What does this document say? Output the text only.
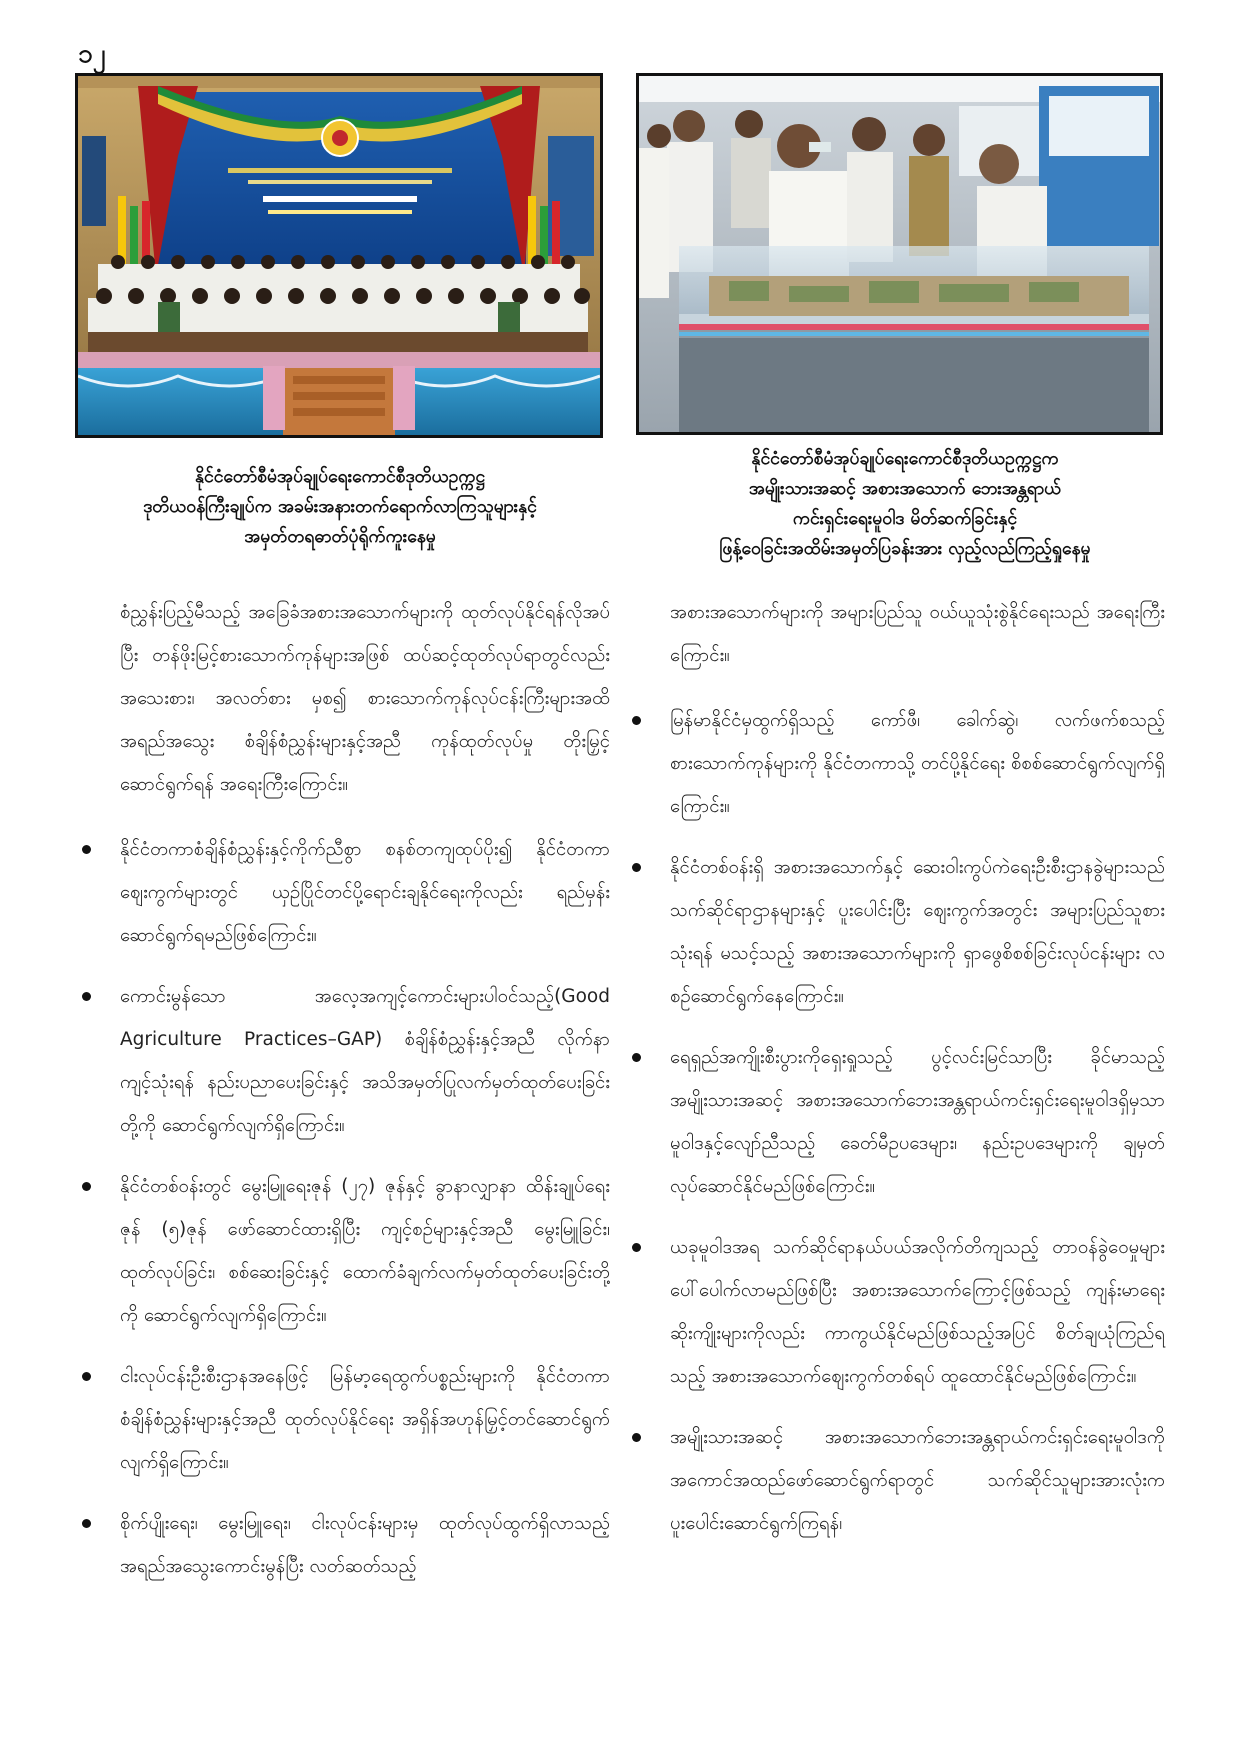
၁၂
နိုင်ငံတော်စီမံအုပ်ချုပ်ရေးကောင်စီဒုတိယဥက္ကဋ္ဌ
ဒုတိယဝန်ကြီးချုပ်က အခမ်းအနားတက်ရောက်လာကြသူများနှင့်
အမှတ်တရဓာတ်ပုံရိုက်ကူးနေမှု
နိုင်ငံတော်စီမံအုပ်ချုပ်ရေးကောင်စီဒုတိယဥက္ကဋ္ဌက
အမျိုးသားအဆင့် အစားအသောက် ဘေးအန္တရာယ်
ကင်းရှင်းရေးမူဝါဒ မိတ်ဆက်ခြင်းနှင့်
ဖြန့်ဝေခြင်းအထိမ်းအမှတ်ပြခန်းအား လှည့်လည်ကြည့်ရှုနေမှု

စံညွှန်းပြည့်မီသည့် အခြေခံအစားအသောက်များကို ထုတ်လုပ်နိုင်ရန်လိုအပ်ပြီး တန်ဖိုးမြင့်စားသောက်ကုန်များအဖြစ် ထပ်ဆင့်ထုတ်လုပ်ရာတွင်လည်း အသေးစား၊ အလတ်စား မှစ၍ စားသောက်ကုန်လုပ်ငန်းကြီးများအထိ အရည်အသွေး စံချိန်စံညွှန်းများနှင့်အညီ ကုန်ထုတ်လုပ်မှု တိုးမြှင့်ဆောင်ရွက်ရန် အရေးကြီးကြောင်း။

နိုင်ငံတကာစံချိန်စံညွှန်းနှင့်ကိုက်ညီစွာ စနစ်တကျထုပ်ပိုး၍ နိုင်ငံတကာဈေးကွက်များတွင် ယှဉ်ပြိုင်တင်ပို့ရောင်းချနိုင်ရေးကိုလည်း ရည်မှန်းဆောင်ရွက်ရမည်ဖြစ်ကြောင်း။
ကောင်းမွန်သော အလေ့အကျင့်ကောင်းများပါဝင်သည့်(Good Agriculture Practices–GAP) စံချိန်စံညွှန်းနှင့်အညီ လိုက်နာကျင့်သုံးရန် နည်းပညာပေးခြင်းနှင့် အသိအမှတ်ပြုလက်မှတ်ထုတ်ပေးခြင်းတို့ကို ဆောင်ရွက်လျက်ရှိကြောင်း။
နိုင်ငံတစ်ဝန်းတွင် မွေးမြူရေးဇုန် (၂၇) ဇုန်နှင့် ခွာနာလျှာနာ ထိန်းချုပ်ရေးဇုန် (၅)ဇုန် ဖော်ဆောင်ထားရှိပြီး ကျင့်စဉ်များနှင့်အညီ မွေးမြူခြင်း၊ ထုတ်လုပ်ခြင်း၊ စစ်ဆေးခြင်းနှင့် ထောက်ခံချက်လက်မှတ်ထုတ်ပေးခြင်းတို့ကို ဆောင်ရွက်လျက်ရှိကြောင်း။
ငါးလုပ်ငန်းဦးစီးဌာနအနေဖြင့် မြန်မာ့ရေထွက်ပစ္စည်းများကို နိုင်ငံတကာစံချိန်စံညွှန်းများနှင့်အညီ ထုတ်လုပ်နိုင်ရေး အရှိန်အဟုန်မြှင့်တင်ဆောင်ရွက်လျက်ရှိကြောင်း။
စိုက်ပျိုးရေး၊ မွေးမြူရေး၊ ငါးလုပ်ငန်းများမှ ထုတ်လုပ်ထွက်ရှိလာသည့် အရည်အသွေးကောင်းမွန်ပြီး လတ်ဆတ်သည့်

အစားအသောက်များကို အများပြည်သူ ဝယ်ယူသုံးစွဲနိုင်ရေးသည် အရေးကြီးကြောင်း။

မြန်မာနိုင်ငံမှထွက်ရှိသည့် ကော်ဖီ၊ ခေါက်ဆွဲ၊ လက်ဖက်စသည့် စားသောက်ကုန်များကို နိုင်ငံတကာသို့ တင်ပို့နိုင်ရေး စိစစ်ဆောင်ရွက်လျက်ရှိကြောင်း။
နိုင်ငံတစ်ဝန်းရှိ အစားအသောက်နှင့် ဆေးဝါးကွပ်ကဲရေးဦးစီးဌာနခွဲများသည် သက်ဆိုင်ရာဌာနများနှင့် ပူးပေါင်းပြီး ဈေးကွက်အတွင်း အများပြည်သူစားသုံးရန် မသင့်သည့် အစားအသောက်များကို ရှာဖွေစိစစ်ခြင်းလုပ်ငန်းများ လစဉ်ဆောင်ရွက်နေကြောင်း။
ရေရှည်အကျိုးစီးပွားကိုရှေးရှုသည့် ပွင့်လင်းမြင်သာပြီး ခိုင်မာသည့် အမျိုးသားအဆင့် အစားအသောက်ဘေးအန္တရာယ်ကင်းရှင်းရေးမူဝါဒရှိမှသာ မူဝါဒနှင့်လျော်ညီသည့် ခေတ်မီဥပဒေများ၊ နည်းဥပဒေများကို ချမှတ်လုပ်ဆောင်နိုင်မည်ဖြစ်ကြောင်း။
ယခုမူဝါဒအရ သက်ဆိုင်ရာနယ်ပယ်အလိုက်တိကျသည့် တာဝန်ခွဲဝေမှုများ ပေါ်ပေါက်လာမည်ဖြစ်ပြီး အစားအသောက်ကြောင့်ဖြစ်သည့် ကျန်းမာရေးဆိုးကျိုးများကိုလည်း ကာကွယ်နိုင်မည်ဖြစ်သည့်အပြင် စိတ်ချယုံကြည်ရသည့် အစားအသောက်ဈေးကွက်တစ်ရပ် ထူထောင်နိုင်မည်ဖြစ်ကြောင်း။
အမျိုးသားအဆင့် အစားအသောက်ဘေးအန္တရာယ်ကင်းရှင်းရေးမူဝါဒကို အကောင်အထည်ဖော်ဆောင်ရွက်ရာတွင် သက်ဆိုင်သူများအားလုံးက ပူးပေါင်းဆောင်ရွက်ကြရန်၊
